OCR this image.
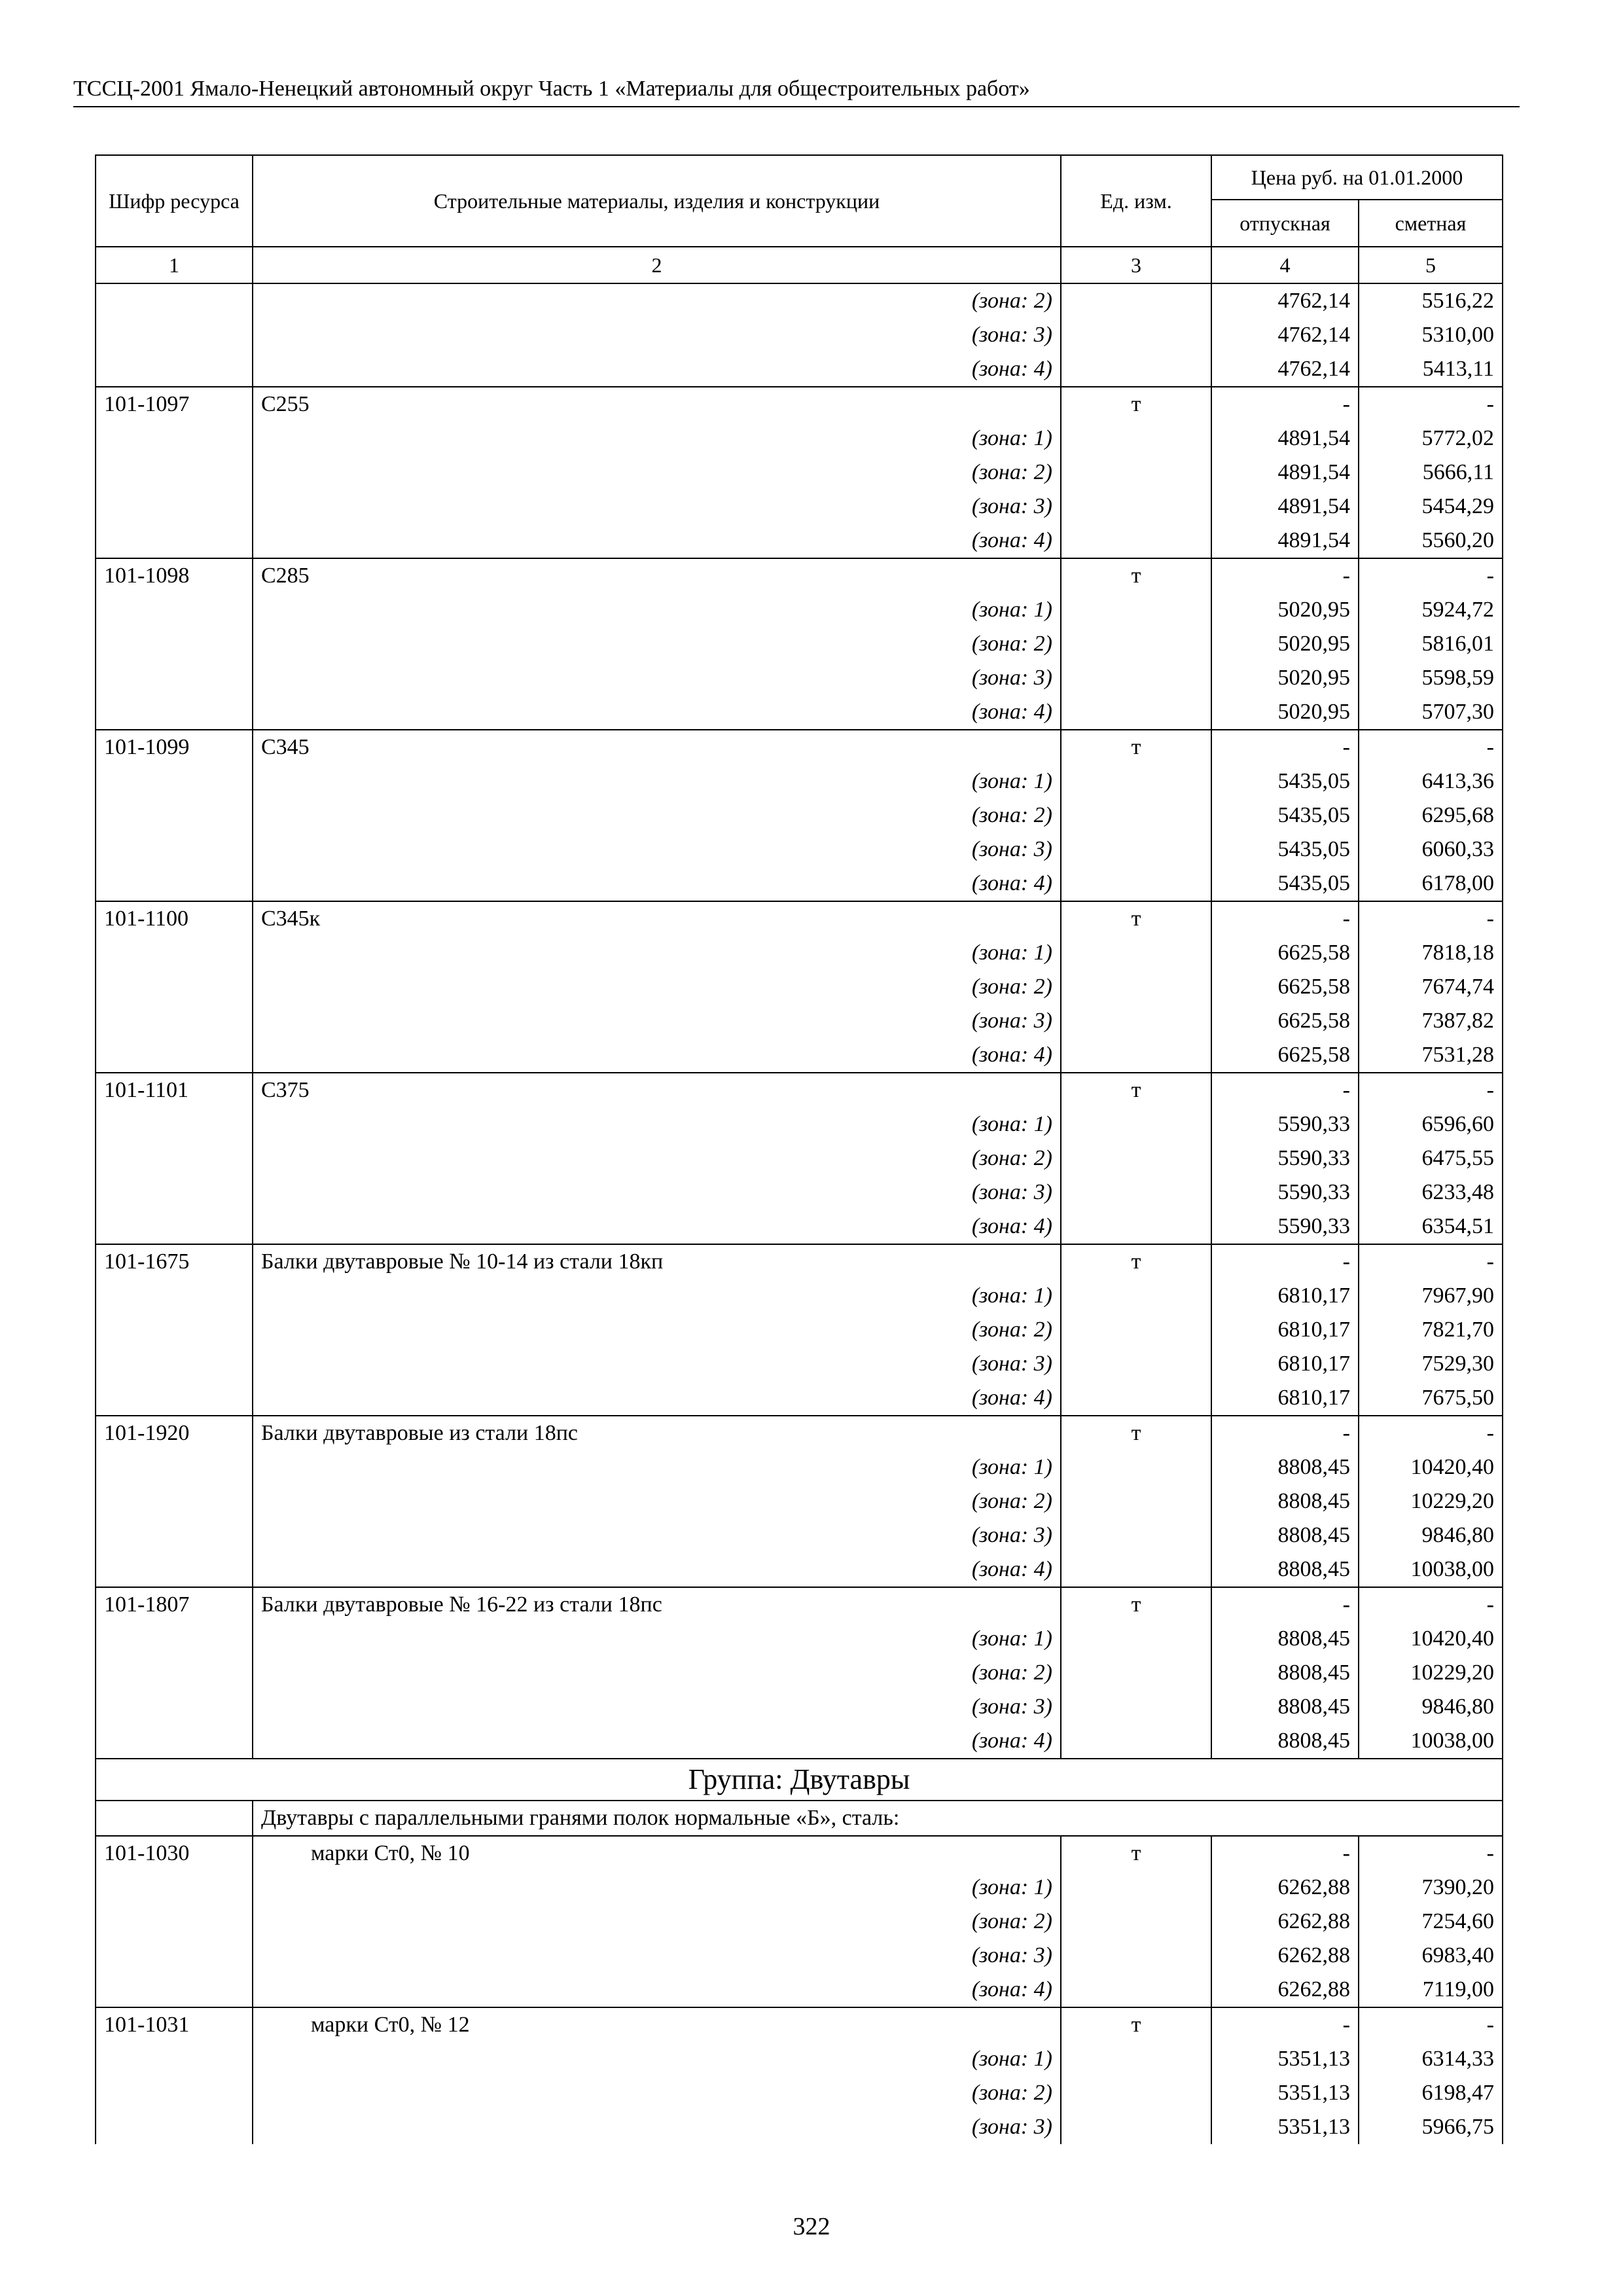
ТССЦ-2001 Ямало-Ненецкий автономный округ Часть 1 «Материалы для общестроительных работ»
Шифр ресурса	Строительные материалы, изделия и конструкции	Ед. изм.	Цена руб. на 01.01.2000	
			отпускная	сметная
1	2	3	4	5
	(зона: 2)		4762,14	5516,22
	(зона: 3)		4762,14	5310,00
	(зона: 4)		4762,14	5413,11
101-1097	С255	т	-	-
	(зона: 1)		4891,54	5772,02
	(зона: 2)		4891,54	5666,11
	(зона: 3)		4891,54	5454,29
	(зона: 4)		4891,54	5560,20
101-1098	С285	т	-	-
	(зона: 1)		5020,95	5924,72
	(зона: 2)		5020,95	5816,01
	(зона: 3)		5020,95	5598,59
	(зона: 4)		5020,95	5707,30
101-1099	С345	т	-	-
	(зона: 1)		5435,05	6413,36
	(зона: 2)		5435,05	6295,68
	(зона: 3)		5435,05	6060,33
	(зона: 4)		5435,05	6178,00
101-1100	С345к	т	-	-
	(зона: 1)		6625,58	7818,18
	(зона: 2)		6625,58	7674,74
	(зона: 3)		6625,58	7387,82
	(зона: 4)		6625,58	7531,28
101-1101	С375	т	-	-
	(зона: 1)		5590,33	6596,60
	(зона: 2)		5590,33	6475,55
	(зона: 3)		5590,33	6233,48
	(зона: 4)		5590,33	6354,51
101-1675	Балки двутавровые № 10-14 из стали 18кп	т	-	-
	(зона: 1)		6810,17	7967,90
	(зона: 2)		6810,17	7821,70
	(зона: 3)		6810,17	7529,30
	(зона: 4)		6810,17	7675,50
101-1920	Балки двутавровые из стали 18пс	т	-	-
	(зона: 1)		8808,45	10420,40
	(зона: 2)		8808,45	10229,20
	(зона: 3)		8808,45	9846,80
	(зона: 4)		8808,45	10038,00
101-1807	Балки двутавровые № 16-22 из стали 18пс	т	-	-
	(зона: 1)		8808,45	10420,40
	(зона: 2)		8808,45	10229,20
	(зона: 3)		8808,45	9846,80
	(зона: 4)		8808,45	10038,00
Группа: Двутавры				
	Двутавры с параллельными гранями полок нормальные «Б», сталь:			
101-1030	марки Ст0, № 10	т	-	-
	(зона: 1)		6262,88	7390,20
	(зона: 2)		6262,88	7254,60
	(зона: 3)		6262,88	6983,40
	(зона: 4)		6262,88	7119,00
101-1031	марки Ст0, № 12	т	-	-
	(зона: 1)		5351,13	6314,33
	(зона: 2)		5351,13	6198,47
	(зона: 3)		5351,13	5966,75
322
